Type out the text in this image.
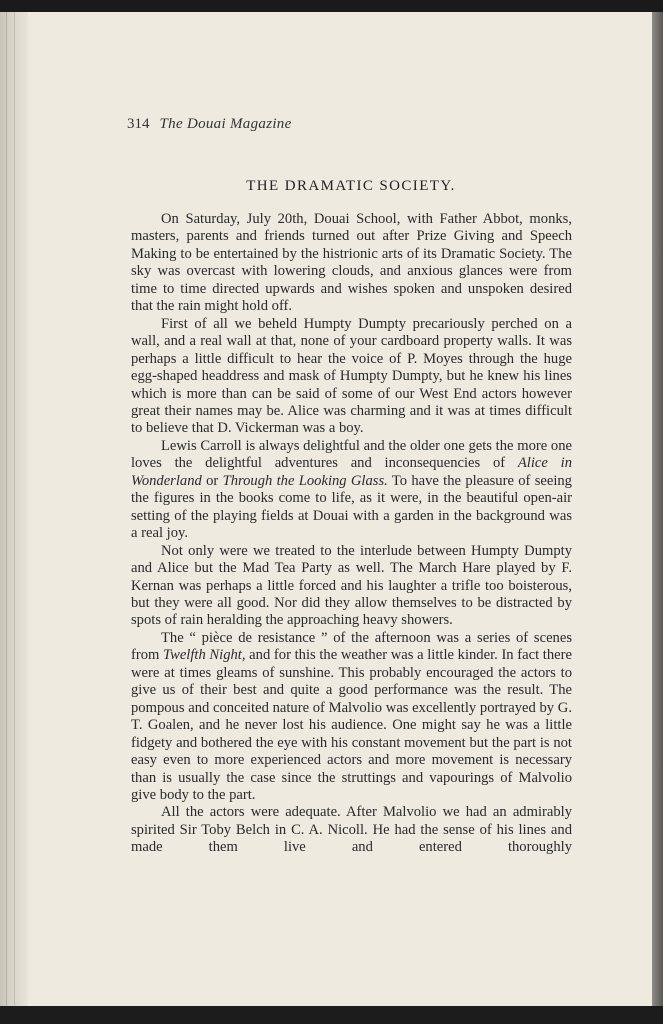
314 The Douai Magazine
THE DRAMATIC SOCIETY.

On Saturday, July 20th, Douai School, with Father Abbot, monks, masters, parents and friends turned out after Prize Giving and Speech Making to be entertained by the histrionic arts of its Dramatic Society. The sky was overcast with lowering clouds, and anxious glances were from time to time directed upwards and wishes spoken and unspoken desired that the rain might hold off.

First of all we beheld Humpty Dumpty precariously perched on a wall, and a real wall at that, none of your cardboard property walls. It was perhaps a little difficult to hear the voice of P. Moyes through the huge egg-shaped headdress and mask of Humpty Dumpty, but he knew his lines which is more than can be said of some of our West End actors however great their names may be. Alice was charming and it was at times difficult to believe that D. Vickerman was a boy.

Lewis Carroll is always delightful and the older one gets the more one loves the delightful adventures and inconsequencies of Alice in Wonderland or Through the Looking Glass. To have the pleasure of seeing the figures in the books come to life, as it were, in the beautiful open-air setting of the playing fields at Douai with a garden in the background was a real joy.

Not only were we treated to the interlude between Humpty Dumpty and Alice but the Mad Tea Party as well. The March Hare played by F. Kernan was perhaps a little forced and his laughter a trifle too boisterous, but they were all good. Nor did they allow themselves to be distracted by spots of rain heralding the approaching heavy showers.

The “ pièce de resistance ” of the afternoon was a series of scenes from Twelfth Night, and for this the weather was a little kinder. In fact there were at times gleams of sunshine. This probably encouraged the actors to give us of their best and quite a good performance was the result. The pompous and conceited nature of Malvolio was excellently portrayed by G. T. Goalen, and he never lost his audience. One might say he was a little fidgety and bothered the eye with his constant movement but the part is not easy even to more experienced actors and more movement is necessary than is usually the case since the struttings and vapourings of Malvolio give body to the part.

All the actors were adequate. After Malvolio we had an admirably spirited Sir Toby Belch in C. A. Nicoll. He had the sense of his lines and made them live and entered thoroughly
